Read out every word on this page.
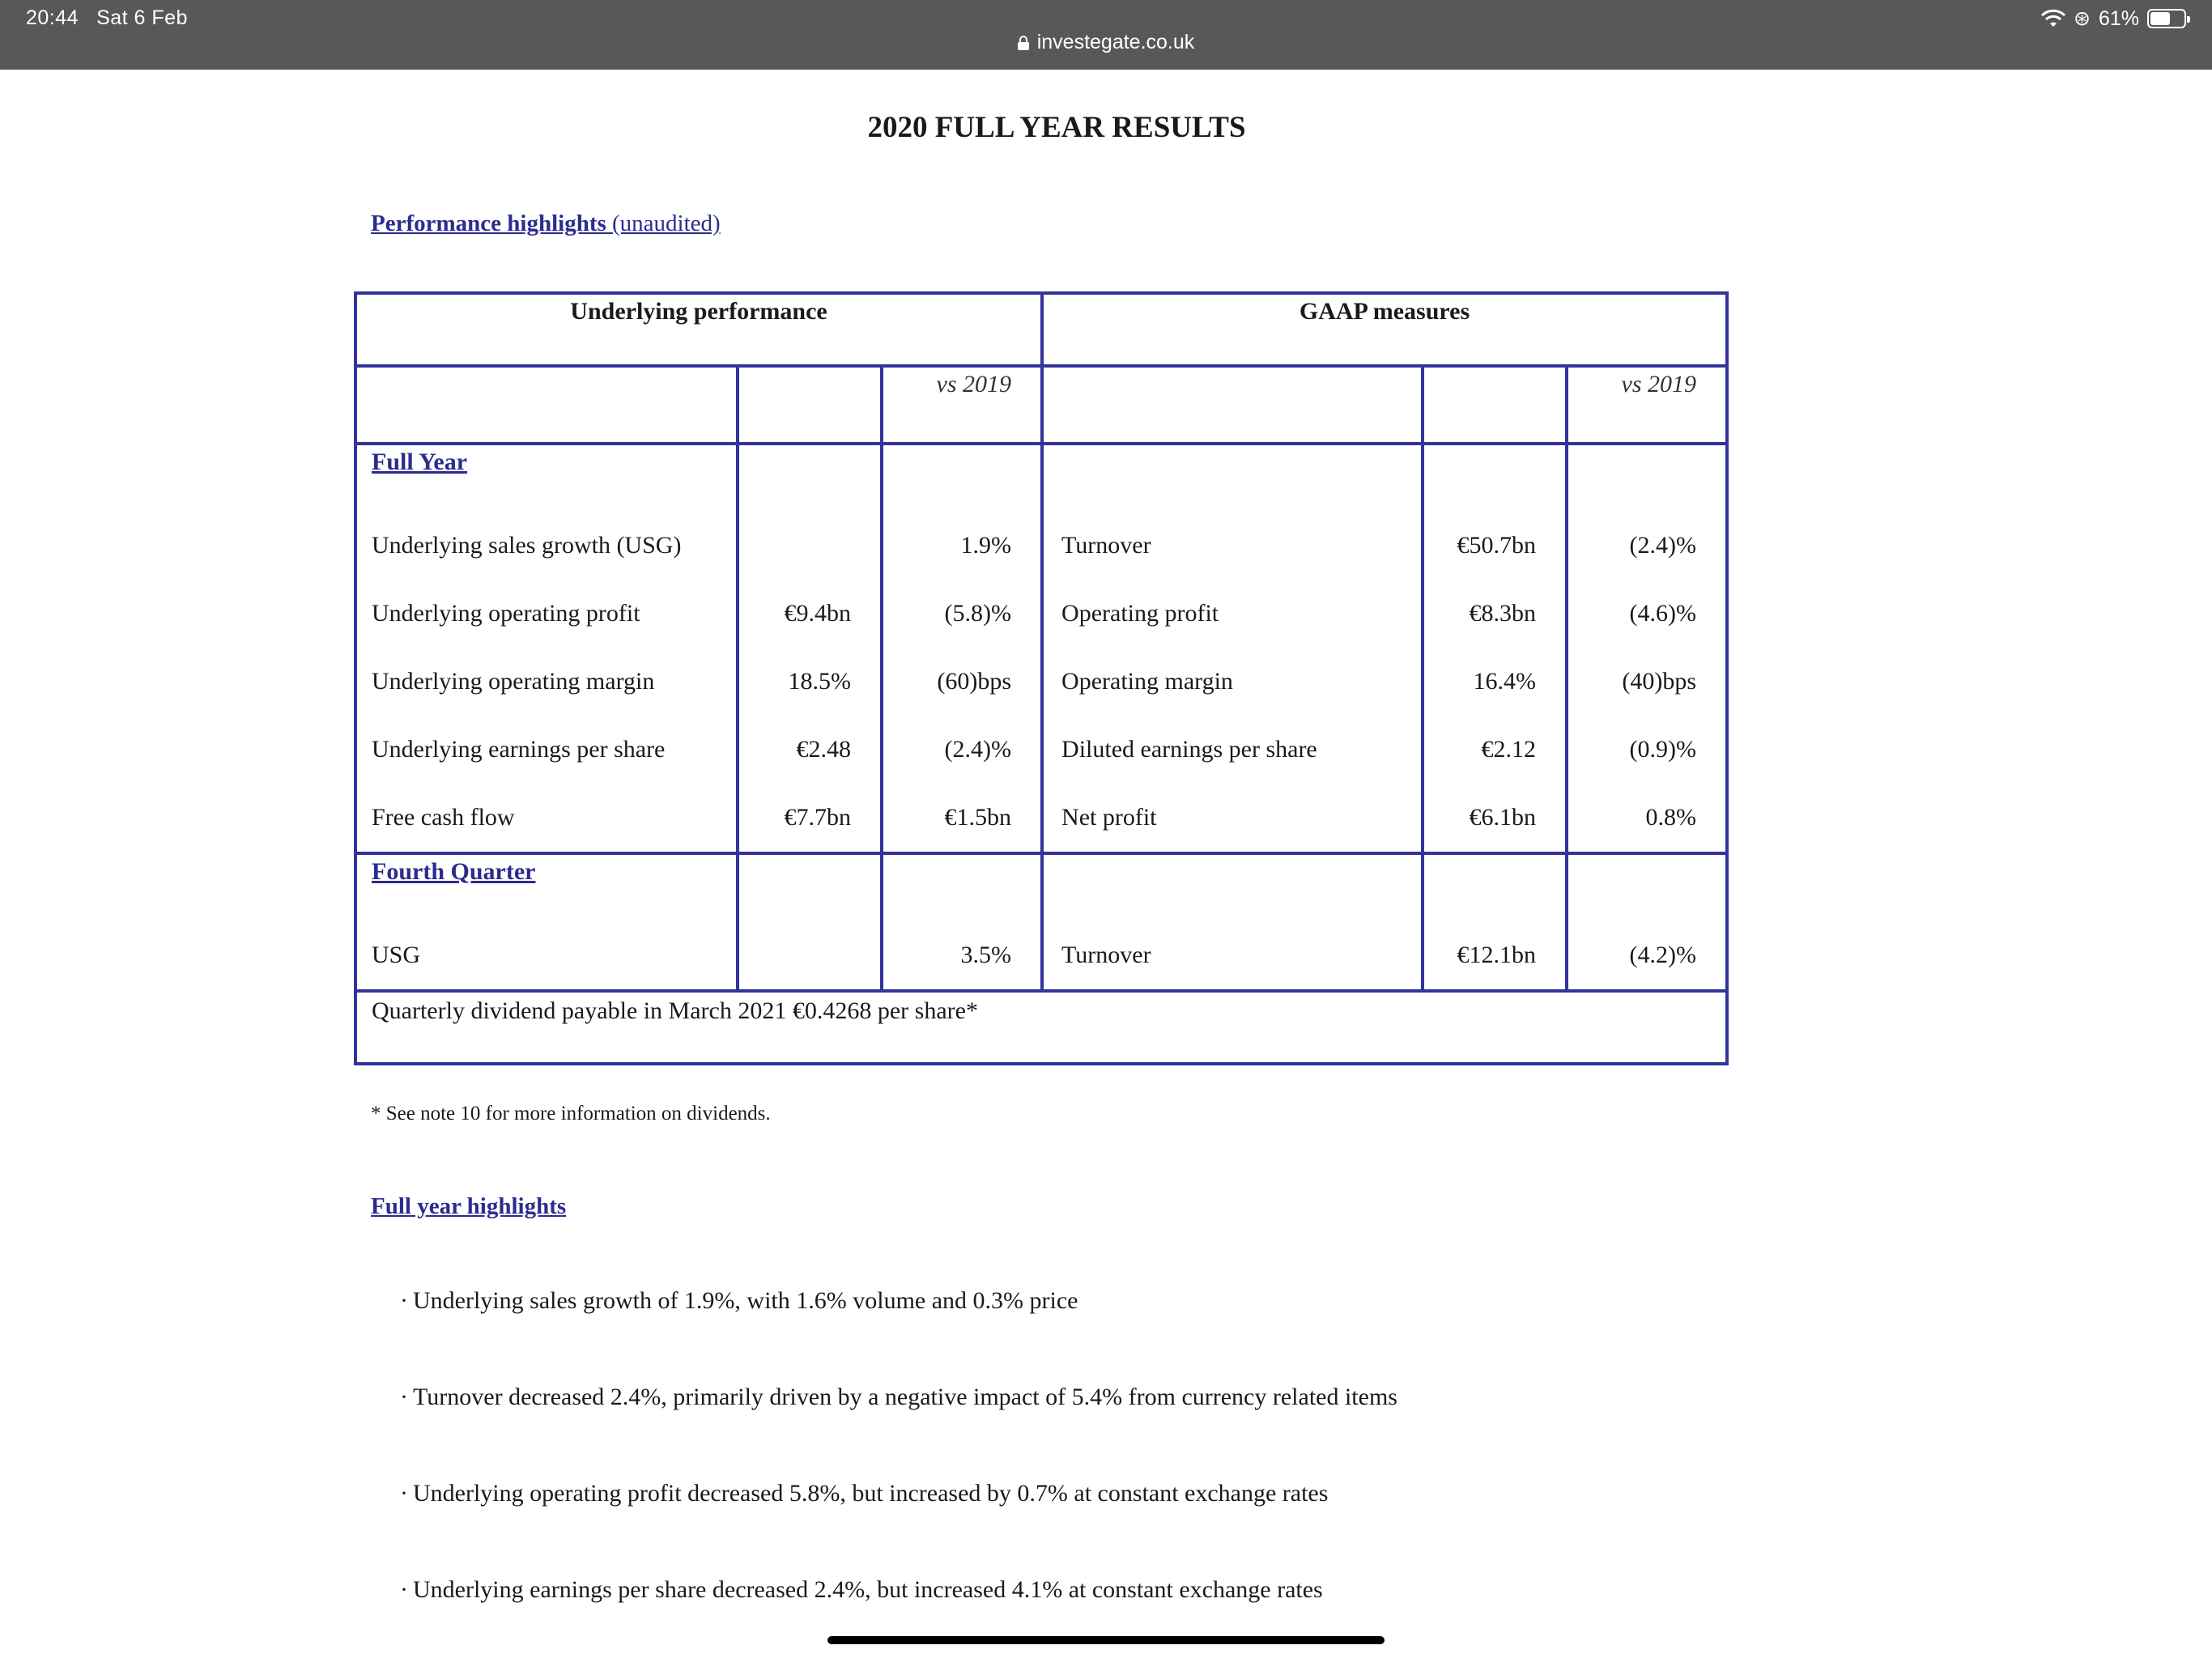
20:44 Sat 6 Feb	⊛ 61%
investegate.co.uk
2020 FULL YEAR RESULTS
Performance highlights (unaudited)
Underlying performance			GAAP measures		
		vs 2019			vs 2019
Full Year					
Underlying sales growth (USG)		1.9%	Turnover	€50.7bn	(2.4)%
Underlying operating profit	€9.4bn	(5.8)%	Operating profit	€8.3bn	(4.6)%
Underlying operating margin	18.5%	(60)bps	Operating margin	16.4%	(40)bps
Underlying earnings per share	€2.48	(2.4)%	Diluted earnings per share	€2.12	(0.9)%
Free cash flow	€7.7bn	€1.5bn	Net profit	€6.1bn	0.8%
Fourth Quarter					
USG		3.5%	Turnover	€12.1bn	(4.2)%
Quarterly dividend payable in March 2021 €0.4268 per share*					
* See note 10 for more information on dividends.
Full year highlights
· Underlying sales growth of 1.9%, with 1.6% volume and 0.3% price
· Turnover decreased 2.4%, primarily driven by a negative impact of 5.4% from currency related items
· Underlying operating profit decreased 5.8%, but increased by 0.7% at constant exchange rates
· Underlying earnings per share decreased 2.4%, but increased 4.1% at constant exchange rates
